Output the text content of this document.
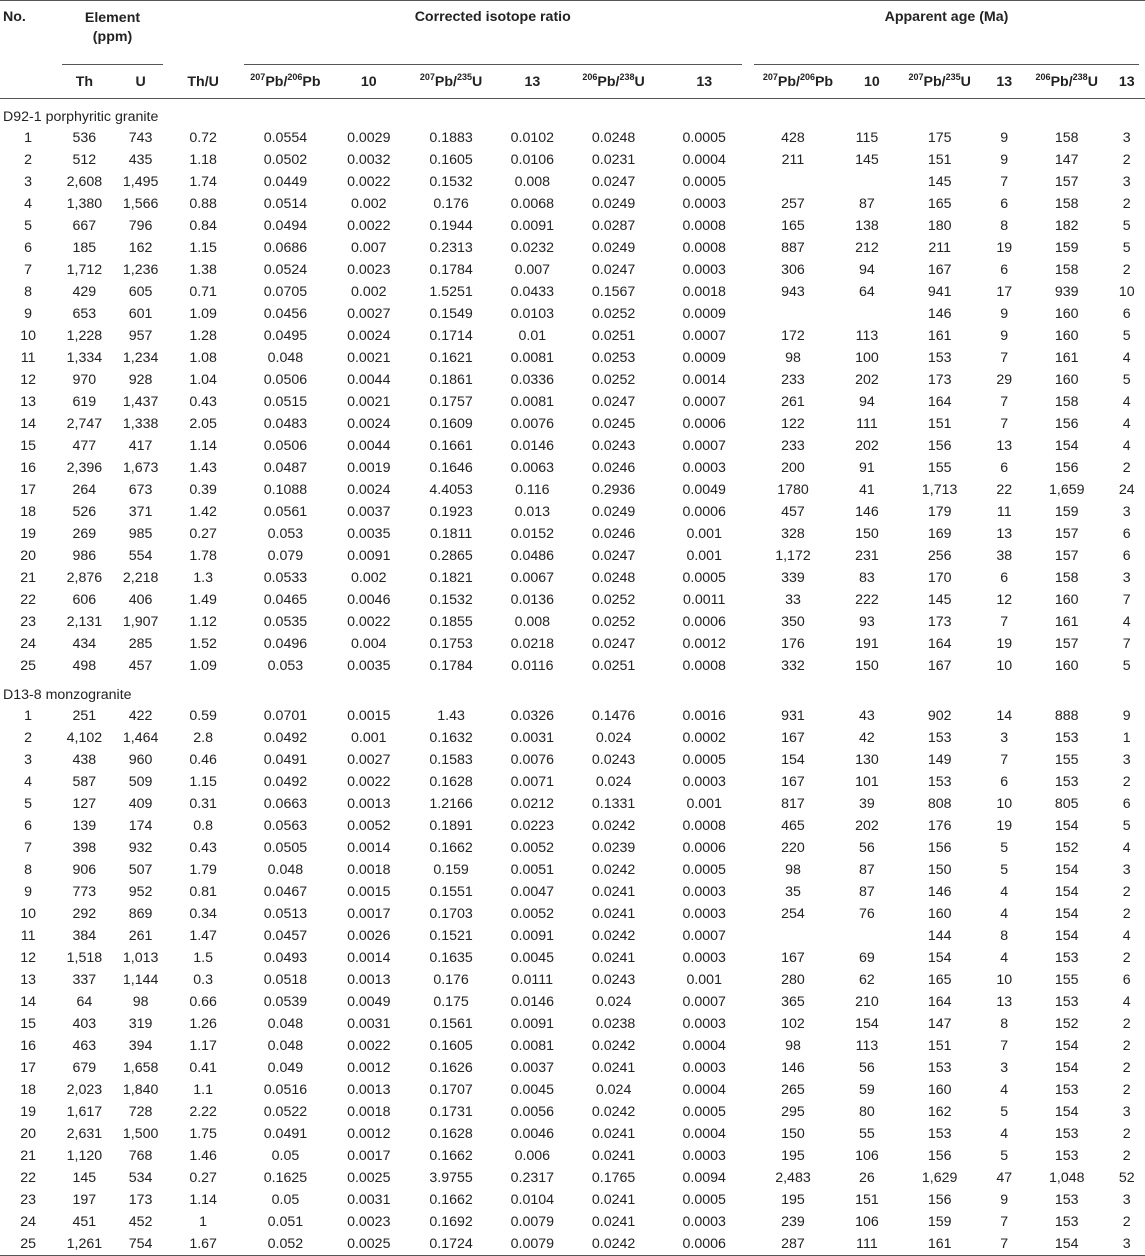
No.	Element (ppm)			Corrected isotope ratio						Apparent age (Ma)					
	Th	U	Th/U	$^{207}$Pb/$^{206}$Pb	10	$^{207}$Pb/$^{235}$U	13	$^{206}$Pb/$^{238}$U	13	$^{207}$Pb/$^{206}$Pb	10	$^{207}$Pb/$^{235}$U	13	$^{206}$Pb/$^{238}$U	13
D92-1 porphyritic granite															
1	536	743	0.72	0.0554	0.0029	0.1883	0.0102	0.0248	0.0005	428	115	175	9	158	3
2	512	435	1.18	0.0502	0.0032	0.1605	0.0106	0.0231	0.0004	211	145	151	9	147	2
3	2,608	1,495	1.74	0.0449	0.0022	0.1532	0.008	0.0247	0.0005			145	7	157	3
4	1,380	1,566	0.88	0.0514	0.002	0.176	0.0068	0.0249	0.0003	257	87	165	6	158	2
5	667	796	0.84	0.0494	0.0022	0.1944	0.0091	0.0287	0.0008	165	138	180	8	182	5
6	185	162	1.15	0.0686	0.007	0.2313	0.0232	0.0249	0.0008	887	212	211	19	159	5
7	1,712	1,236	1.38	0.0524	0.0023	0.1784	0.007	0.0247	0.0003	306	94	167	6	158	2
8	429	605	0.71	0.0705	0.002	1.5251	0.0433	0.1567	0.0018	943	64	941	17	939	10
9	653	601	1.09	0.0456	0.0027	0.1549	0.0103	0.0252	0.0009			146	9	160	6
10	1,228	957	1.28	0.0495	0.0024	0.1714	0.01	0.0251	0.0007	172	113	161	9	160	5
11	1,334	1,234	1.08	0.048	0.0021	0.1621	0.0081	0.0253	0.0009	98	100	153	7	161	4
12	970	928	1.04	0.0506	0.0044	0.1861	0.0336	0.0252	0.0014	233	202	173	29	160	5
13	619	1,437	0.43	0.0515	0.0021	0.1757	0.0081	0.0247	0.0007	261	94	164	7	158	4
14	2,747	1,338	2.05	0.0483	0.0024	0.1609	0.0076	0.0245	0.0006	122	111	151	7	156	4
15	477	417	1.14	0.0506	0.0044	0.1661	0.0146	0.0243	0.0007	233	202	156	13	154	4
16	2,396	1,673	1.43	0.0487	0.0019	0.1646	0.0063	0.0246	0.0003	200	91	155	6	156	2
17	264	673	0.39	0.1088	0.0024	4.4053	0.116	0.2936	0.0049	1780	41	1,713	22	1,659	24
18	526	371	1.42	0.0561	0.0037	0.1923	0.013	0.0249	0.0006	457	146	179	11	159	3
19	269	985	0.27	0.053	0.0035	0.1811	0.0152	0.0246	0.001	328	150	169	13	157	6
20	986	554	1.78	0.079	0.0091	0.2865	0.0486	0.0247	0.001	1,172	231	256	38	157	6
21	2,876	2,218	1.3	0.0533	0.002	0.1821	0.0067	0.0248	0.0005	339	83	170	6	158	3
22	606	406	1.49	0.0465	0.0046	0.1532	0.0136	0.0252	0.0011	33	222	145	12	160	7
23	2,131	1,907	1.12	0.0535	0.0022	0.1855	0.008	0.0252	0.0006	350	93	173	7	161	4
24	434	285	1.52	0.0496	0.004	0.1753	0.0218	0.0247	0.0012	176	191	164	19	157	7
25	498	457	1.09	0.053	0.0035	0.1784	0.0116	0.0251	0.0008	332	150	167	10	160	5
D13-8 monzogranite															
1	251	422	0.59	0.0701	0.0015	1.43	0.0326	0.1476	0.0016	931	43	902	14	888	9
2	4,102	1,464	2.8	0.0492	0.001	0.1632	0.0031	0.024	0.0002	167	42	153	3	153	1
3	438	960	0.46	0.0491	0.0027	0.1583	0.0076	0.0243	0.0005	154	130	149	7	155	3
4	587	509	1.15	0.0492	0.0022	0.1628	0.0071	0.024	0.0003	167	101	153	6	153	2
5	127	409	0.31	0.0663	0.0013	1.2166	0.0212	0.1331	0.001	817	39	808	10	805	6
6	139	174	0.8	0.0563	0.0052	0.1891	0.0223	0.0242	0.0008	465	202	176	19	154	5
7	398	932	0.43	0.0505	0.0014	0.1662	0.0052	0.0239	0.0006	220	56	156	5	152	4
8	906	507	1.79	0.048	0.0018	0.159	0.0051	0.0242	0.0005	98	87	150	5	154	3
9	773	952	0.81	0.0467	0.0015	0.1551	0.0047	0.0241	0.0003	35	87	146	4	154	2
10	292	869	0.34	0.0513	0.0017	0.1703	0.0052	0.0241	0.0003	254	76	160	4	154	2
11	384	261	1.47	0.0457	0.0026	0.1521	0.0091	0.0242	0.0007			144	8	154	4
12	1,518	1,013	1.5	0.0493	0.0014	0.1635	0.0045	0.0241	0.0003	167	69	154	4	153	2
13	337	1,144	0.3	0.0518	0.0013	0.176	0.0111	0.0243	0.001	280	62	165	10	155	6
14	64	98	0.66	0.0539	0.0049	0.175	0.0146	0.024	0.0007	365	210	164	13	153	4
15	403	319	1.26	0.048	0.0031	0.1561	0.0091	0.0238	0.0003	102	154	147	8	152	2
16	463	394	1.17	0.048	0.0022	0.1605	0.0081	0.0242	0.0004	98	113	151	7	154	2
17	679	1,658	0.41	0.049	0.0012	0.1626	0.0037	0.0241	0.0003	146	56	153	3	154	2
18	2,023	1,840	1.1	0.0516	0.0013	0.1707	0.0045	0.024	0.0004	265	59	160	4	153	2
19	1,617	728	2.22	0.0522	0.0018	0.1731	0.0056	0.0242	0.0005	295	80	162	5	154	3
20	2,631	1,500	1.75	0.0491	0.0012	0.1628	0.0046	0.0241	0.0004	150	55	153	4	153	2
21	1,120	768	1.46	0.05	0.0017	0.1662	0.006	0.0241	0.0003	195	106	156	5	153	2
22	145	534	0.27	0.1625	0.0025	3.9755	0.2317	0.1765	0.0094	2,483	26	1,629	47	1,048	52
23	197	173	1.14	0.05	0.0031	0.1662	0.0104	0.0241	0.0005	195	151	156	9	153	3
24	451	452	1	0.051	0.0023	0.1692	0.0079	0.0241	0.0003	239	106	159	7	153	2
25	1,261	754	1.67	0.052	0.0025	0.1724	0.0079	0.0242	0.0006	287	111	161	7	154	3
